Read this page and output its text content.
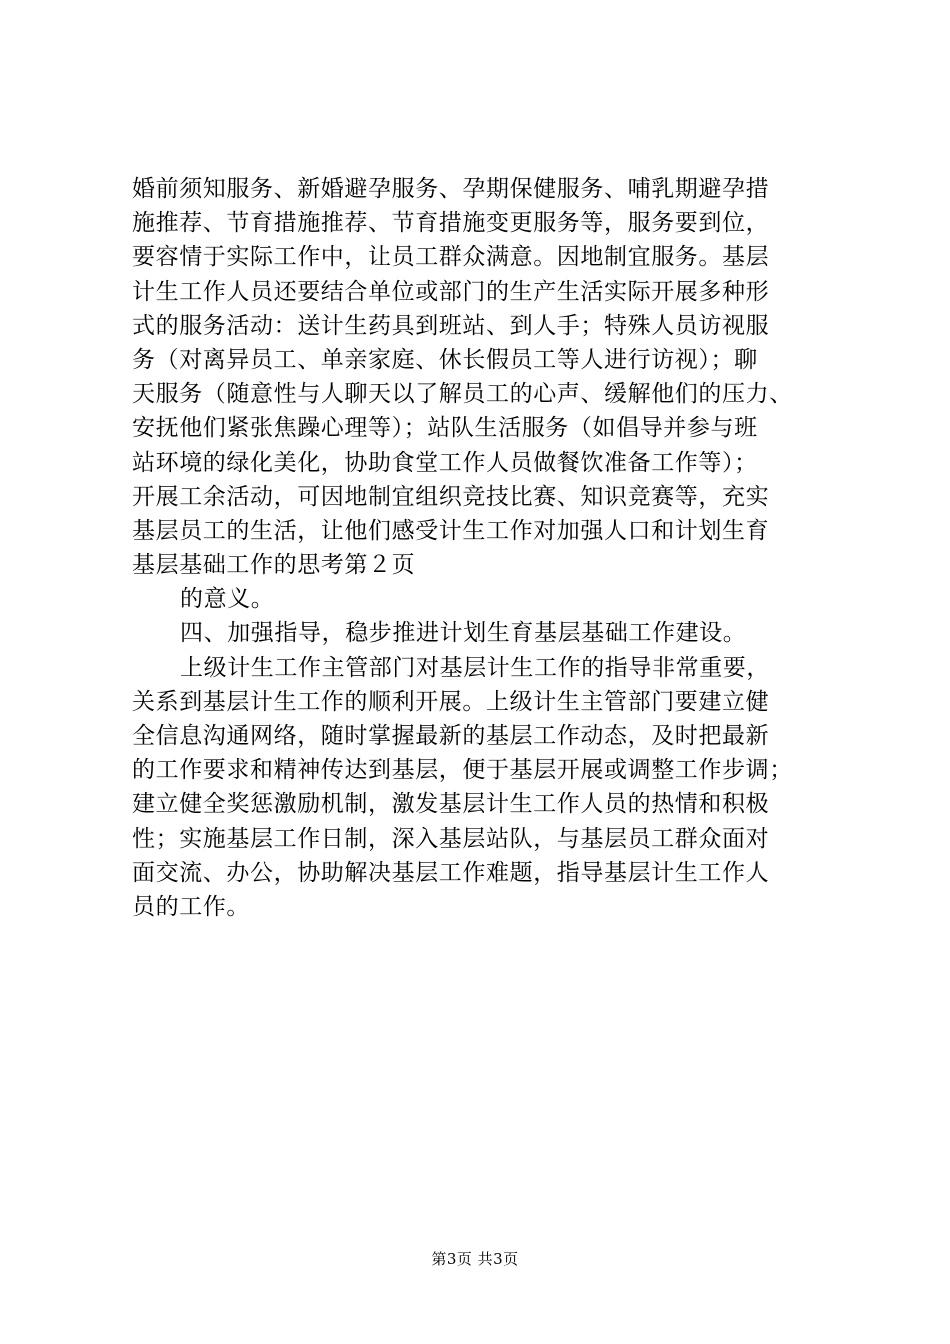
婚前须知服务、新婚避孕服务、孕期保健服务、哺乳期避孕措
施推荐、节育措施推荐、节育措施变更服务等，服务要到位，
要容情于实际工作中，让员工群众满意。因地制宜服务。基层
计生工作人员还要结合单位或部门的生产生活实际开展多种形
式的服务活动：送计生药具到班站、到人手；特殊人员访视服
务（对离异员工、单亲家庭、休长假员工等人进行访视）；聊
天服务（随意性与人聊天以了解员工的心声、缓解他们的压力、
安抚他们紧张焦躁心理等）；站队生活服务（如倡导并参与班
站环境的绿化美化，协助食堂工作人员做餐饮准备工作等）；
开展工余活动，可因地制宜组织竞技比赛、知识竞赛等，充实
基层员工的生活，让他们感受计生工作对加强人口和计划生育
基层基础工作的思考第２页
的意义。
四、加强指导，稳步推进计划生育基层基础工作建设。
上级计生工作主管部门对基层计生工作的指导非常重要，
关系到基层计生工作的顺利开展。上级计生主管部门要建立健
全信息沟通网络，随时掌握最新的基层工作动态，及时把最新
的工作要求和精神传达到基层，便于基层开展或调整工作步调；
建立健全奖惩激励机制，激发基层计生工作人员的热情和积极
性；实施基层工作日制，深入基层站队，与基层员工群众面对
面交流、办公，协助解决基层工作难题，指导基层计生工作人
员的工作。
第3页 共3页
